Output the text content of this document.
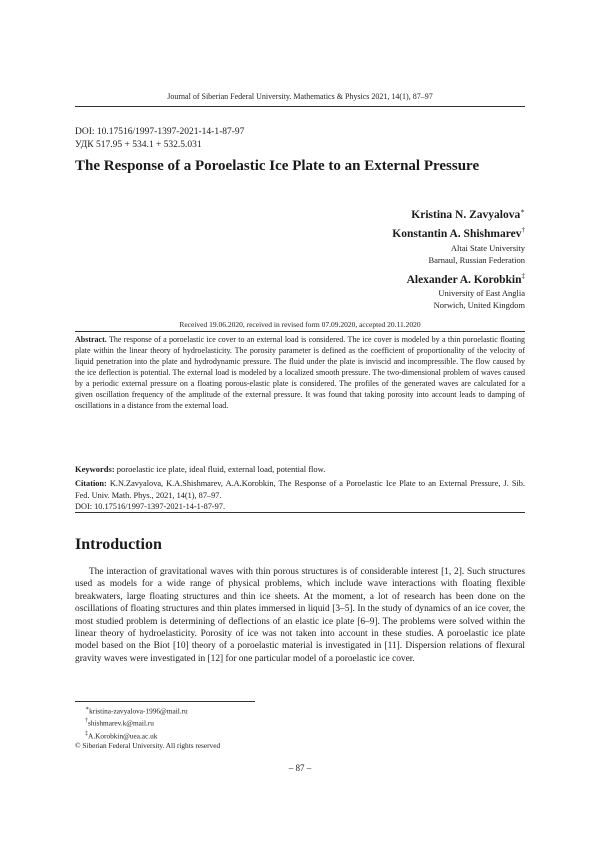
Journal of Siberian Federal University. Mathematics & Physics 2021, 14(1), 87–97
DOI: 10.17516/1997-1397-2021-14-1-87-97
УДК 517.95 + 534.1 + 532.5.031
The Response of a Poroelastic Ice Plate to an External Pressure
Kristina N. Zavyalova∗
Konstantin A. Shishmarev†
Altai State University
Barnaul, Russian Federation
Alexander A. Korobkin‡
University of East Anglia
Norwich, United Kingdom
Received 19.06.2020, received in revised form 07.09.2020, accepted 20.11.2020
Abstract. The response of a poroelastic ice cover to an external load is considered. The ice cover is modeled by a thin poroelastic floating plate within the linear theory of hydroelasticity. The porosity parameter is defined as the coefficient of proportionality of the velocity of liquid penetration into the plate and hydrodynamic pressure. The fluid under the plate is inviscid and incompressible. The flow caused by the ice deflection is potential. The external load is modeled by a localized smooth pressure. The two-dimensional problem of waves caused by a periodic external pressure on a floating porous-elastic plate is considered. The profiles of the generated waves are calculated for a given oscillation frequency of the amplitude of the external pressure. It was found that taking porosity into account leads to damping of oscillations in a distance from the external load.
Keywords: poroelastic ice plate, ideal fluid, external load, potential flow.
Citation: K.N.Zavyalova, K.A.Shishmarev, A.A.Korobkin, The Response of a Poroelastic Ice Plate to an External Pressure, J. Sib. Fed. Univ. Math. Phys., 2021, 14(1), 87–97.
DOI: 10.17516/1997-1397-2021-14-1-87-97.
Introduction
The interaction of gravitational waves with thin porous structures is of considerable interest [1, 2]. Such structures used as models for a wide range of physical problems, which include wave interactions with floating flexible breakwaters, large floating structures and thin ice sheets. At the moment, a lot of research has been done on the oscillations of floating structures and thin plates immersed in liquid [3–5]. In the study of dynamics of an ice cover, the most studied problem is determining of deflections of an elastic ice plate [6–9]. The problems were solved within the linear theory of hydroelasticity. Porosity of ice was not taken into account in these studies. A poroelastic ice plate model based on the Biot [10] theory of a poroelastic material is investigated in [11]. Dispersion relations of flexural gravity waves were investigated in [12] for one particular model of a poroelastic ice cover.
∗kristina-zavyalova-1996@mail.ru
†shishmarev.k@mail.ru
‡A.Korobkin@uea.ac.uk
© Siberian Federal University. All rights reserved
– 87 –
